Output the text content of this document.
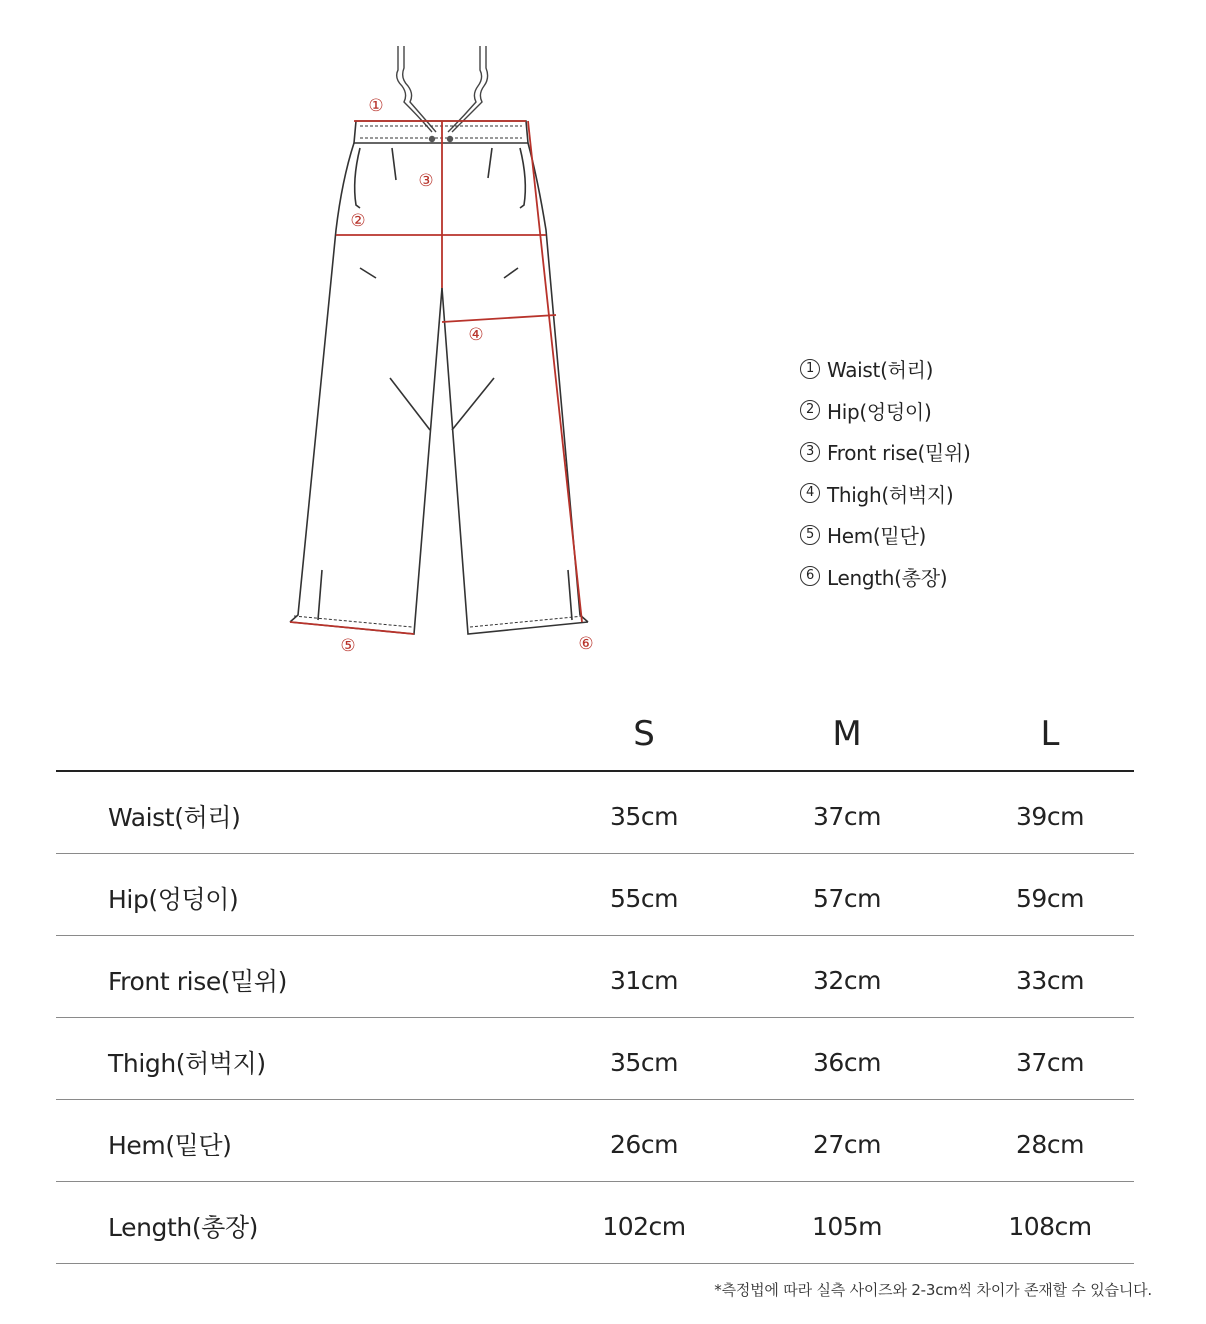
①
②
③
④
⑤	⑥
1 Waist(허리)
2 Hip(엉덩이)
3 Front rise(밑위)
4 Thigh(허벅지)
5 Hem(밑단)
6 Length(총장)
S	M	L
Waist(허리)	35cm	37cm	39cm
Hip(엉덩이)	55cm	57cm	59cm
Front rise(밑위)	31cm	32cm	33cm
Thigh(허벅지)	35cm	36cm	37cm
Hem(밑단)	26cm	27cm	28cm
Length(총장)	102cm	105m	108cm
*측정법에 따라 실측 사이즈와 2-3cm씩 차이가 존재할 수 있습니다.
